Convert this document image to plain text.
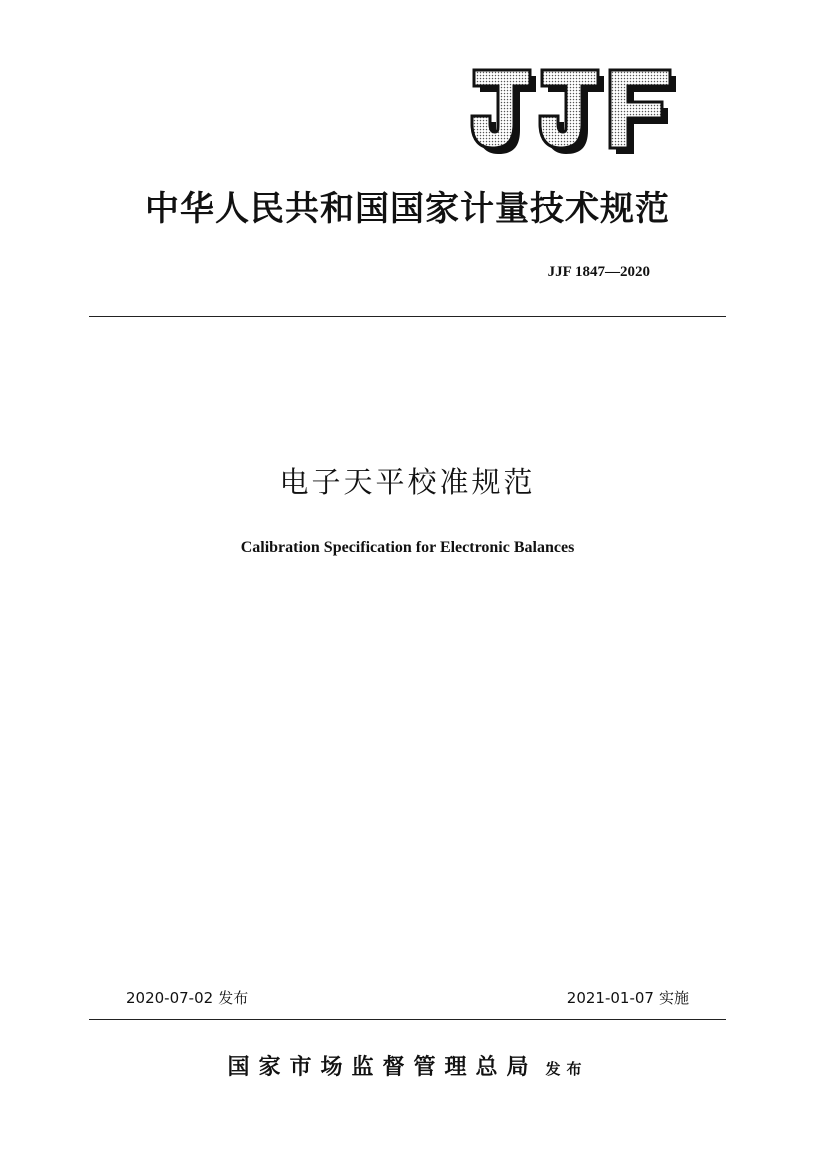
中华人民共和国国家计量技术规范
JJF 1847—2020
电子天平校准规范
Calibration Specification for Electronic Balances
2020-07-02 发布	2021-01-07 实施
国家市场监督管理总局 发布
